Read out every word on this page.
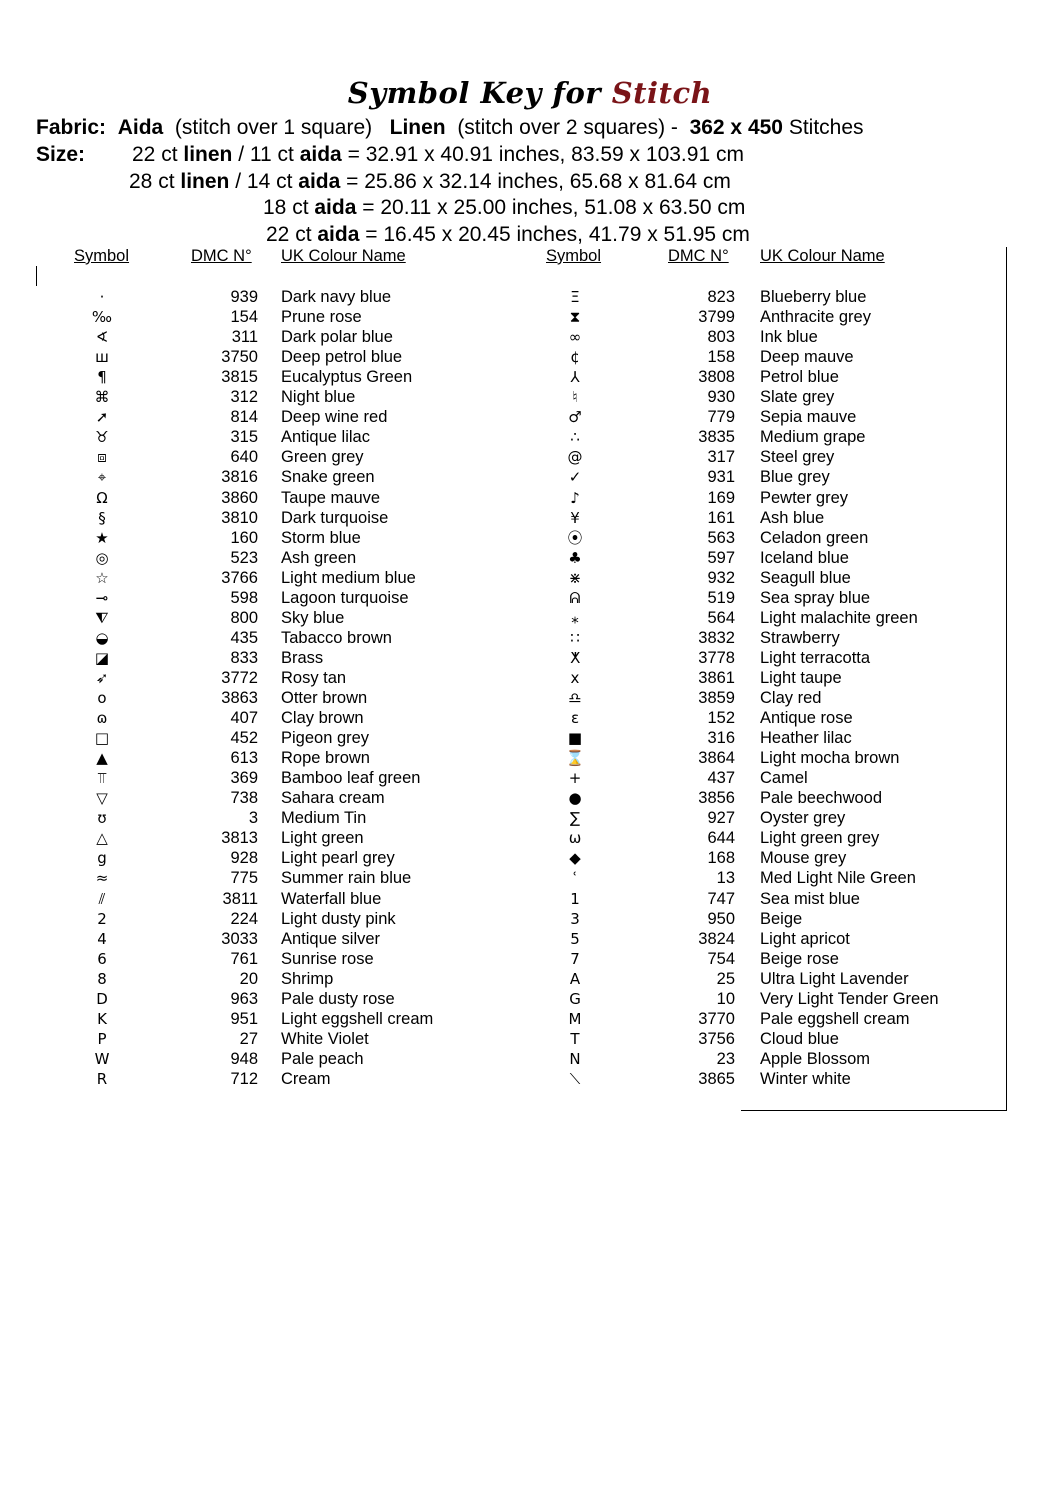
Symbol Key for Stitch
Fabric: Aida (stitch over 1 square) Linen (stitch over 2 squares) - 362 x 450 Stitches
Size: 22 ct linen / 11 ct aida = 32.91 x 40.91 inches, 83.59 x 103.91 cm
28 ct linen / 14 ct aida = 25.86 x 32.14 inches, 65.68 x 81.64 cm
18 ct aida = 20.11 x 25.00 inches, 51.08 x 63.50 cm
22 ct aida = 16.45 x 20.45 inches, 41.79 x 51.95 cm
Symbol	DMC N° UK Colour Name	Symbol	DMC N° UK Colour Name
·	939 Dark navy blue
‰	154 Prune rose
∢	311 Dark polar blue
ш	3750 Deep petrol blue
¶	3815 Eucalyptus Green
⌘	312 Night blue
➚	814 Deep wine red
♉	315 Antique lilac
⧈	640 Green grey
⌖	3816 Snake green
Ω	3860 Taupe mauve
§	3810 Dark turquoise
★	160 Storm blue
◎	523 Ash green
☆	3766 Light medium blue
⊸	598 Lagoon turquoise
⧨	800 Sky blue
◒	435 Tabacco brown
◪	833 Brass
➶	3772 Rosy tan
o	3863 Otter brown
ɷ	407 Clay brown
□	452 Pigeon grey
▲	613 Rope brown
⫪	369 Bamboo leaf green
▽	738 Sahara cream
ʊ	3 Medium Tin
△	3813 Light green
g	928 Light pearl grey
≈	775 Summer rain blue
⫽	3811 Waterfall blue
2	224 Light dusty pink
4	3033 Antique silver
6	761 Sunrise rose
8	20 Shrimp
D	963 Pale dusty rose
K	951 Light eggshell cream
P	27 White Violet
W	948 Pale peach
R	712 Cream
Ξ	823 Blueberry blue
⧗	3799 Anthracite grey
∞	803 Ink blue
¢	158 Deep mauve
⅄	3808 Petrol blue
♮	930 Slate grey
♂	779 Sepia mauve
∴	3835 Medium grape
@	317 Steel grey
✓	931 Blue grey
♪	169 Pewter grey
¥	161 Ash blue
⦿	563 Celadon green
♣	597 Iceland blue
⋇	932 Seagull blue
ᕱ	519 Sea spray blue
⁎	564 Light malachite green
∷	3832 Strawberry
ⵅ	3778 Light terracotta
x	3861 Light taupe
♎	3859 Clay red
ε	152 Antique rose
■	316 Heather lilac
⌛	3864 Light mocha brown
+	437 Camel
●	3856 Pale beechwood
∑	927 Oyster grey
ω	644 Light green grey
◆	168 Mouse grey
ʿ	13 Med Light Nile Green
1	747 Sea mist blue
3	950 Beige
5	3824 Light apricot
7	754 Beige rose
A	25 Ultra Light Lavender
G	10 Very Light Tender Green
M	3770 Pale eggshell cream
T	3756 Cloud blue
N	23 Apple Blossom
⟍	3865 Winter white
